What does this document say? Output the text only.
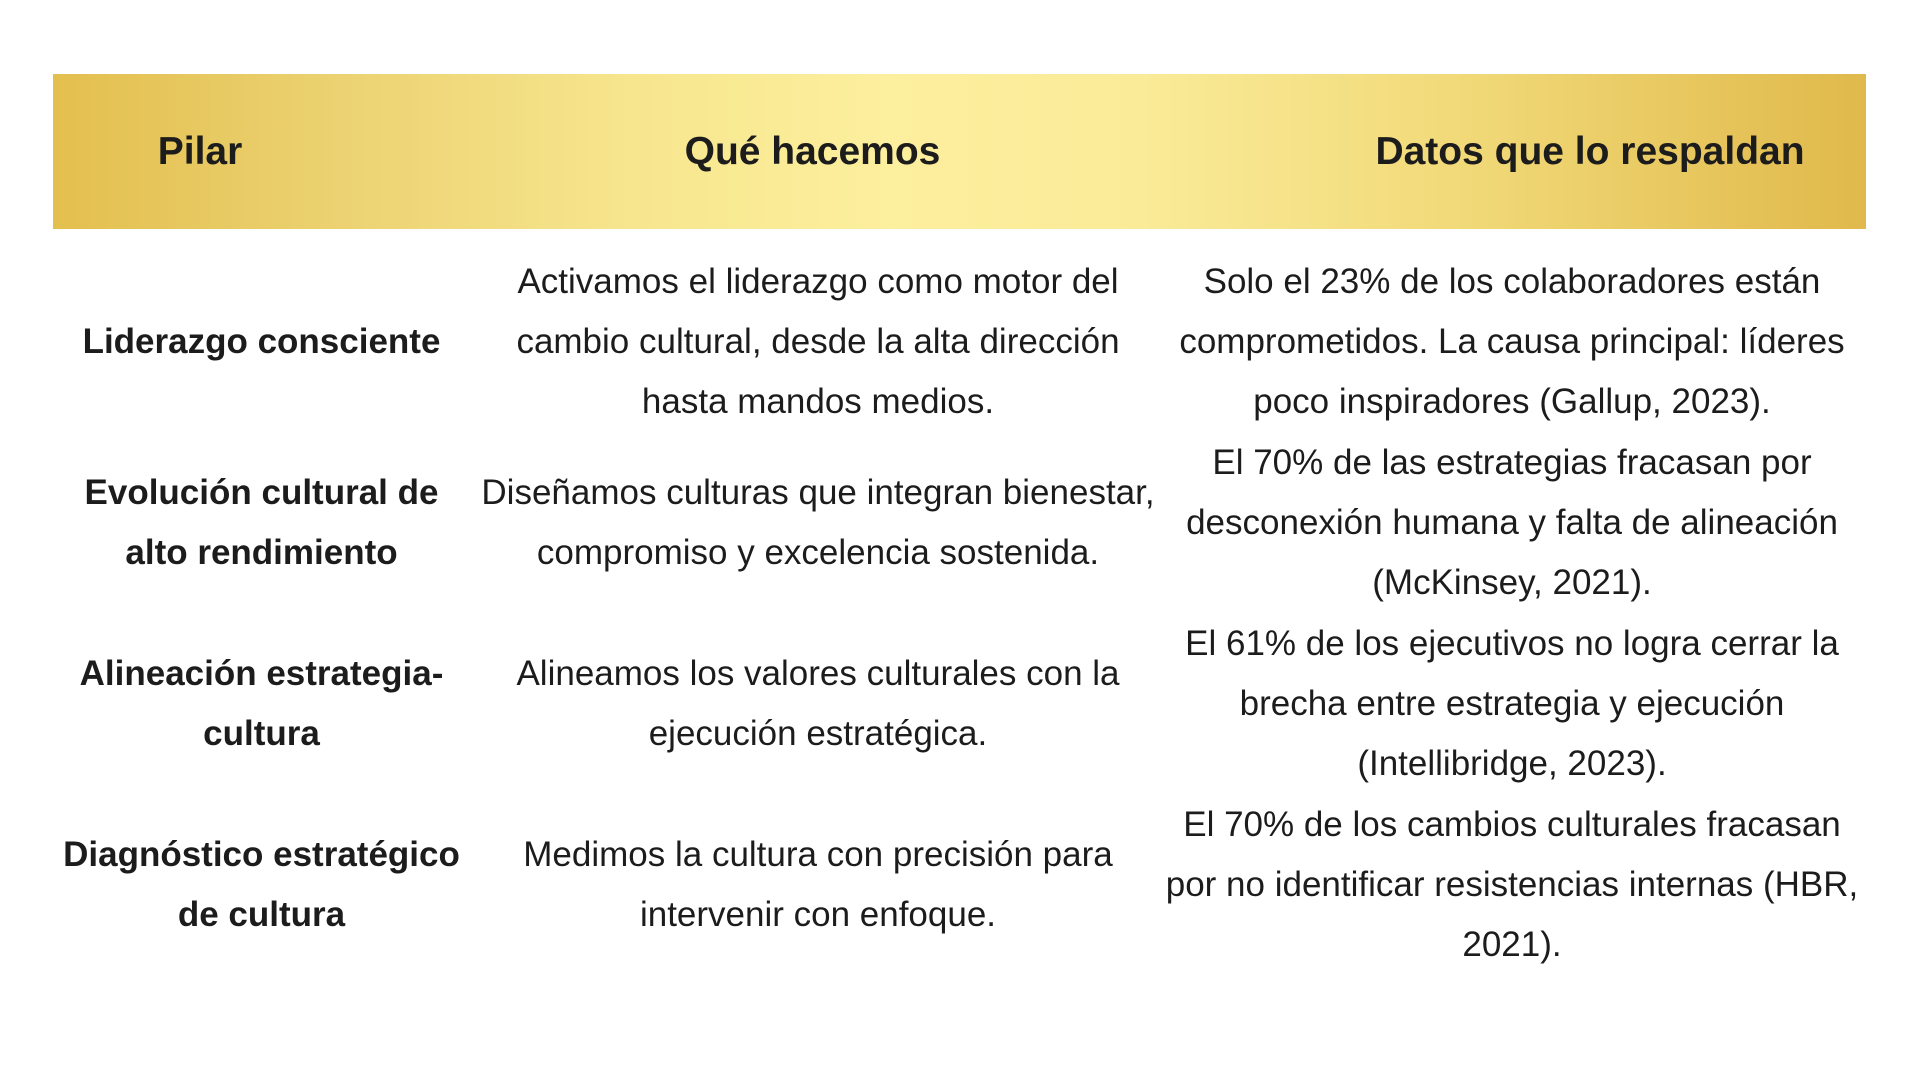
Pilar	Qué hacemos	Datos que lo respaldan
Liderazgo consciente
Activamos el liderazgo como motor del cambio cultural, desde la alta dirección hasta mandos medios.
Solo el 23% de los colaboradores están comprometidos. La causa principal: líderes poco inspiradores (Gallup, 2023).
Evolución cultural de alto rendimiento
Diseñamos culturas que integran bienestar, compromiso y excelencia sostenida.
El 70% de las estrategias fracasan por desconexión humana y falta de alineación (McKinsey, 2021).
Alineación estrategia-cultura
Alineamos los valores culturales con la ejecución estratégica.
El 61% de los ejecutivos no logra cerrar la brecha entre estrategia y ejecución (Intellibridge, 2023).
Diagnóstico estratégico de cultura
Medimos la cultura con precisión para intervenir con enfoque.
El 70% de los cambios culturales fracasan por no identificar resistencias internas (HBR, 2021).
